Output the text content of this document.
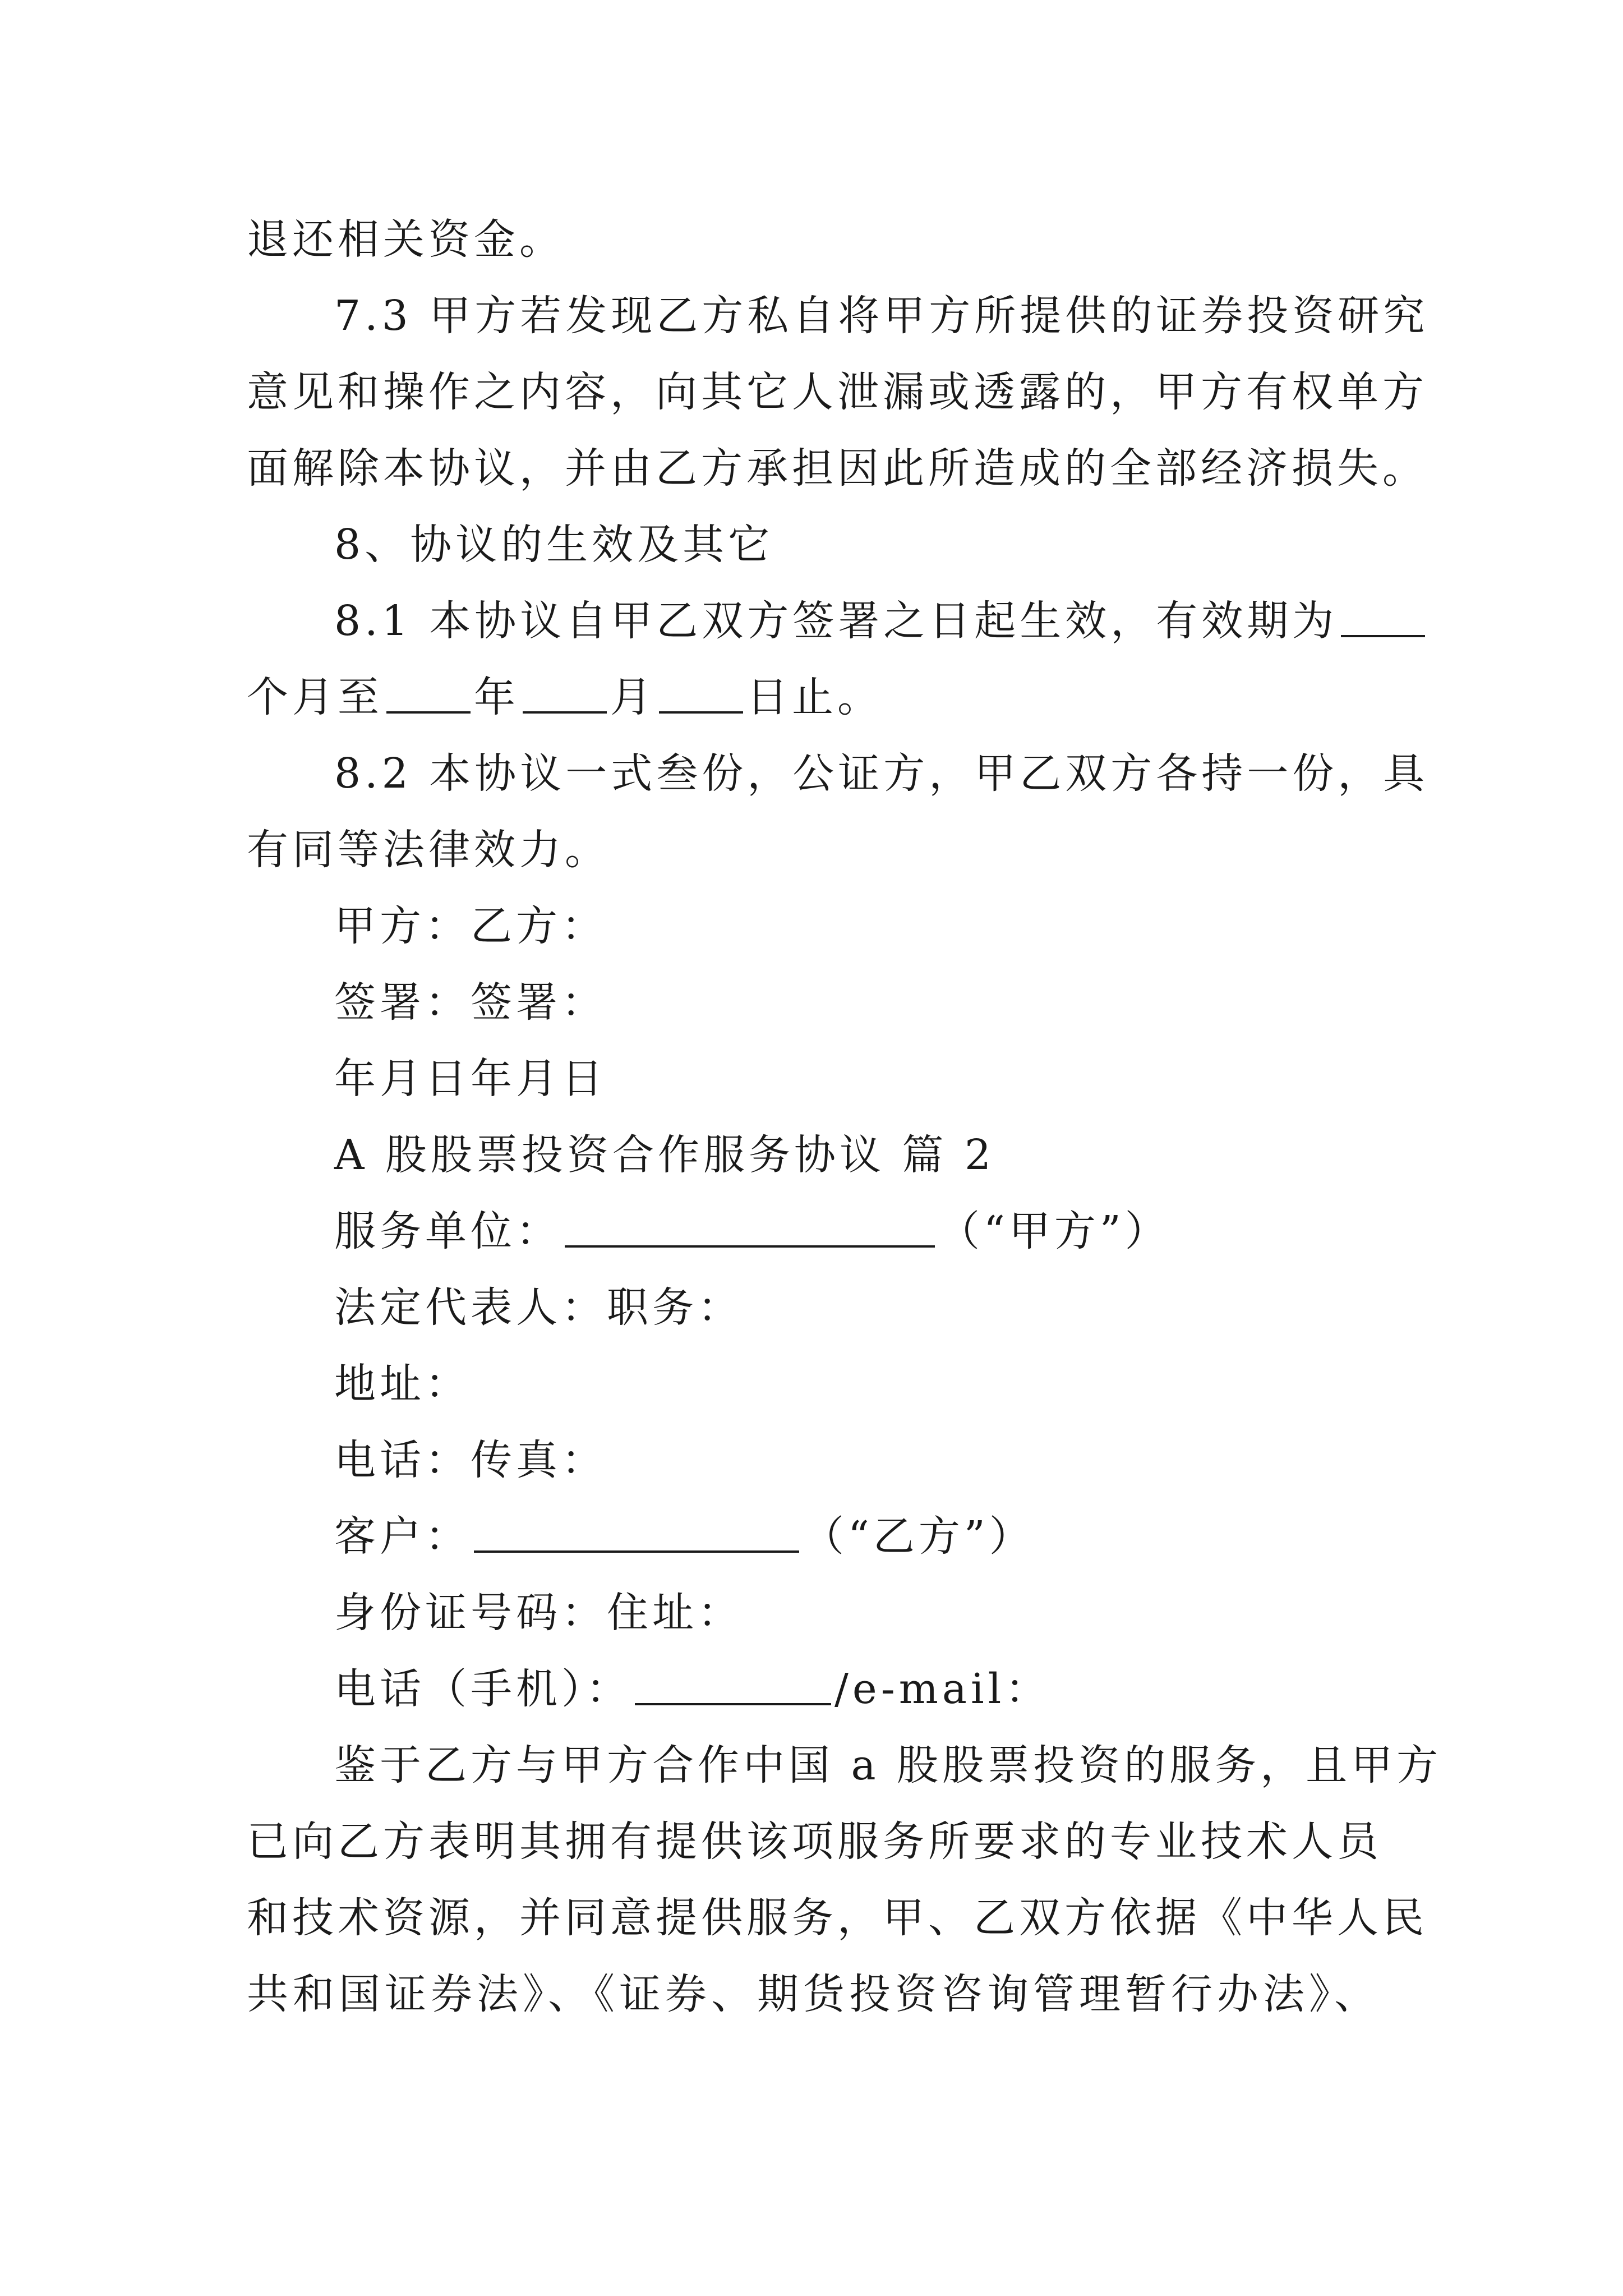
退还相关资金。
7.3 甲方若发现乙方私自将甲方所提供的证券投资研究
意见和操作之内容，向其它人泄漏或透露的，甲方有权单方
面解除本协议，并由乙方承担因此所造成的全部经济损失。
8、协议的生效及其它
8.1 本协议自甲乙双方签署之日起生效，有效期为
个月至 年 月 日止。
8.2 本协议一式叁份，公证方，甲乙双方各持一份，具
有同等法律效力。
甲方：乙方：
签署：签署：
年月日年月日
A 股股票投资合作服务协议 篇 2
服务单位：	（“甲方”）
法定代表人：职务：
地址：
电话：传真：
客户：	（“乙方”）
身份证号码：住址：
电话（手机）：	/e-mail：
鉴于乙方与甲方合作中国 a 股股票投资的服务，且甲方
已向乙方表明其拥有提供该项服务所要求的专业技术人员
和技术资源，并同意提供服务，甲、乙双方依据《中华人民
共和国证券法》、《证券、期货投资咨询管理暂行办法》、
